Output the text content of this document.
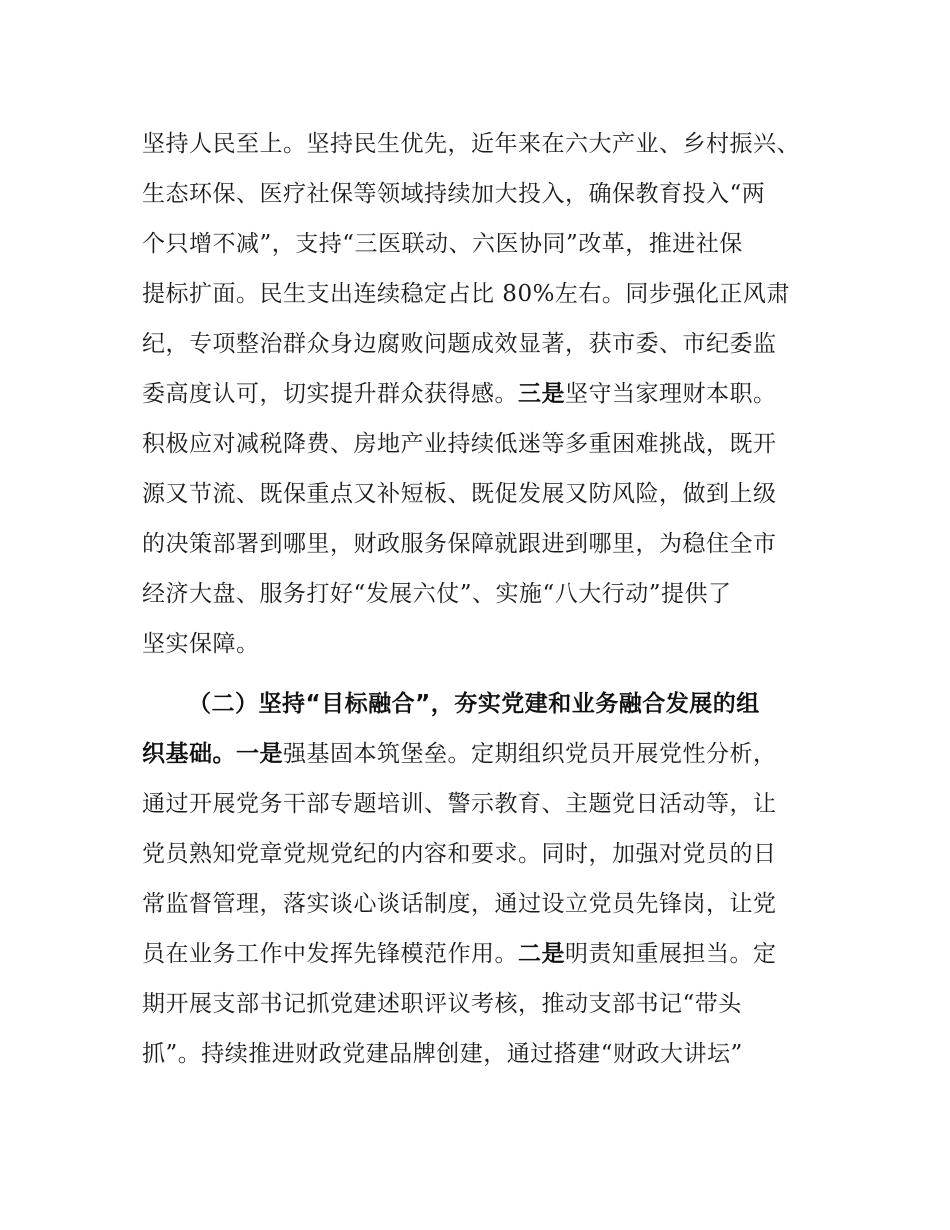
坚持人民至上。坚持民生优先，近年来在六大产业、乡村振兴、
生态环保、医疗社保等领域持续加大投入，确保教育投入“两
个只增不减”，支持“三医联动、六医协同”改革，推进社保
提标扩面。民生支出连续稳定占比 80%左右。同步强化正风肃
纪，专项整治群众身边腐败问题成效显著，获市委、市纪委监
委高度认可，切实提升群众获得感。三是坚守当家理财本职。
积极应对减税降费、房地产业持续低迷等多重困难挑战，既开
源又节流、既保重点又补短板、既促发展又防风险，做到上级
的决策部署到哪里，财政服务保障就跟进到哪里，为稳住全市
经济大盘、服务打好“发展六仗”、实施“八大行动”提供了
坚实保障。
（二）坚持“目标融合”，夯实党建和业务融合发展的组
织基础。一是强基固本筑堡垒。定期组织党员开展党性分析，
通过开展党务干部专题培训、警示教育、主题党日活动等，让
党员熟知党章党规党纪的内容和要求。同时，加强对党员的日
常监督管理，落实谈心谈话制度，通过设立党员先锋岗，让党
员在业务工作中发挥先锋模范作用。二是明责知重展担当。定
期开展支部书记抓党建述职评议考核，推动支部书记“带头
抓”。持续推进财政党建品牌创建，通过搭建“财政大讲坛”
